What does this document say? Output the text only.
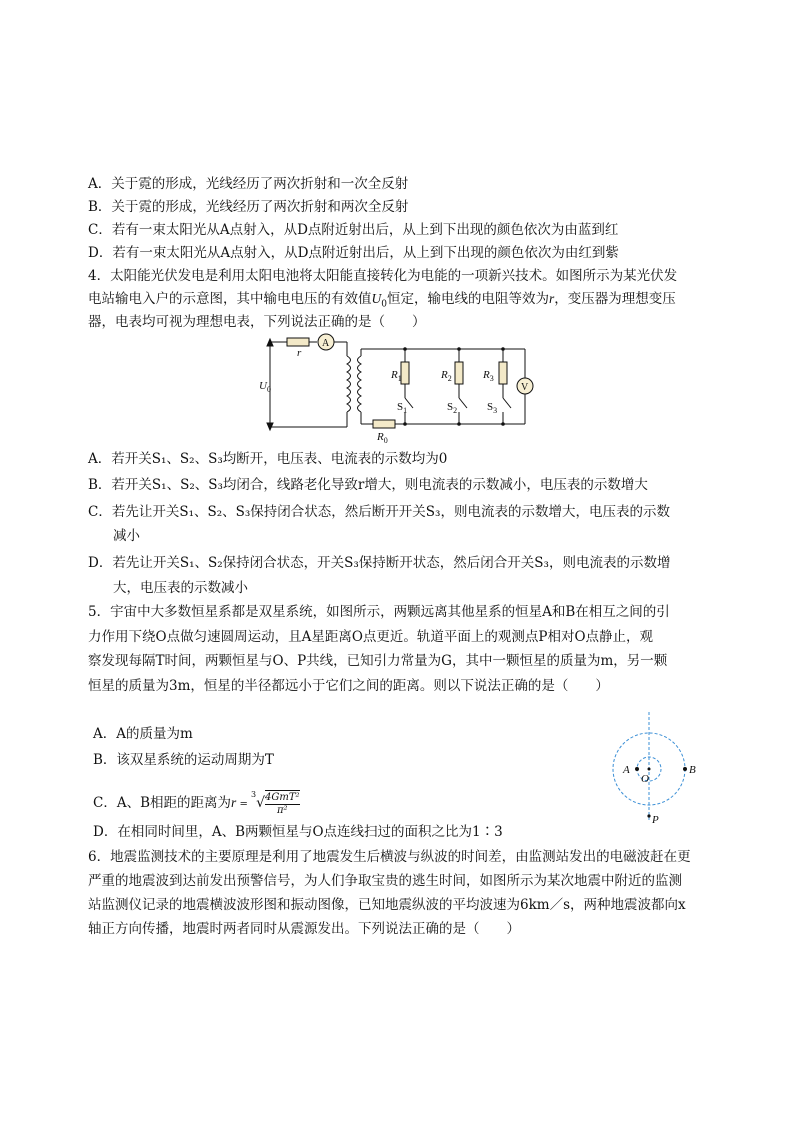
A．关于霓的形成，光线经历了两次折射和一次全反射
B．关于霓的形成，光线经历了两次折射和两次全反射
C．若有一束太阳光从A点射入，从D点附近射出后，从上到下出现的颜色依次为由蓝到红
D．若有一束太阳光从A点射入，从D点附近射出后，从上到下出现的颜色依次为由红到紫
4．太阳能光伏发电是利用太阳电池将太阳能直接转化为电能的一项新兴技术。如图所示为某光伏发
电站输电入户的示意图，其中输电电压的有效值$U_0$恒定，输电线的电阻等效为r，变压器为理想变压
器，电表均可视为理想电表，下列说法正确的是（　　）
r
A
V
$U_0$
$R_0$
$R_1$	$R_2$	$R_3$
$S_1$	$S_2$	$S_3$
A．若开关S₁、S₂、S₃均断开，电压表、电流表的示数均为0
B．若开关S₁、S₂、S₃均闭合，线路老化导致r增大，则电流表的示数减小，电压表的示数增大
C．若先让开关S₁、S₂、S₃保持闭合状态，然后断开开关S₃，则电流表的示数增大，电压表的示数
减小
D．若先让开关S₁、S₂保持闭合状态，开关S₃保持断开状态，然后闭合开关S₃，则电流表的示数增
大，电压表的示数减小
5．宇宙中大多数恒星系都是双星系统，如图所示，两颗远离其他星系的恒星A和B在相互之间的引
力作用下绕O点做匀速圆周运动，且A星距离O点更近。轨道平面上的观测点P相对O点静止，观
察发现每隔T时间，两颗恒星与O、P共线，已知引力常量为G，其中一颗恒星的质量为m，另一颗
恒星的质量为3m，恒星的半径都远小于它们之间的距离。则以下说法正确的是（　　）
A．A的质量为m
B．该双星系统的运动周期为T
C．A、B相距的距离为r = $^3$√ 4GmT²
π²
D．在相同时间里，A、B两颗恒星与O点连线扫过的面积之比为1∶3
A
O
B
P
6．地震监测技术的主要原理是利用了地震发生后横波与纵波的时间差，由监测站发出的电磁波赶在更
严重的地震波到达前发出预警信号，为人们争取宝贵的逃生时间，如图所示为某次地震中附近的监测
站监测仪记录的地震横波波形图和振动图像，已知地震纵波的平均波速为6km／s，两种地震波都向x
轴正方向传播，地震时两者同时从震源发出。下列说法正确的是（　　）
